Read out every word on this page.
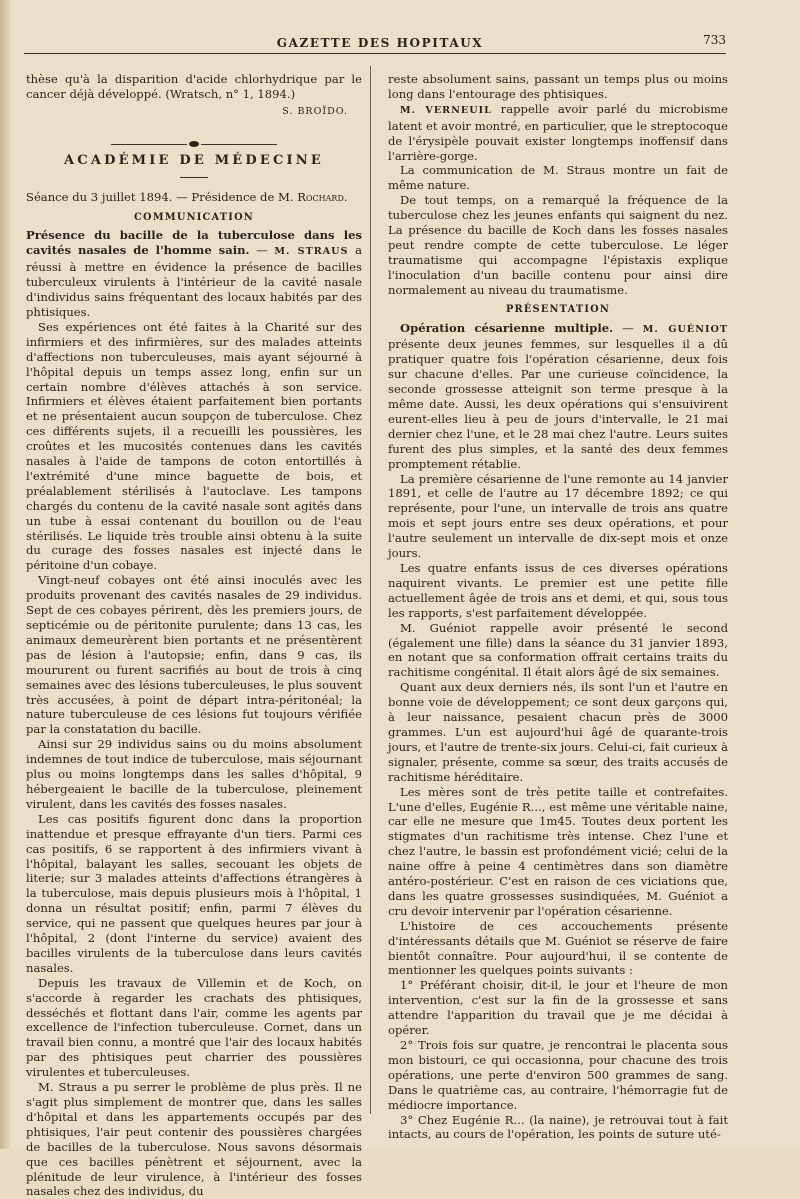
GAZETTE DES HOPITAUX	733

thèse qu'à la disparition d'acide chlorhydrique par le cancer déjà développé. (Wratsch, n° 1, 1894.)

S. BROÏDO.
ACADÉMIE DE MÉDECINE

Séance du 3 juillet 1894. — Présidence de M. Rochard.

COMMUNICATION

Présence du bacille de la tuberculose dans les cavités nasales de l'homme sain. — M. STRAUS a réussi à mettre en évidence la présence de bacilles tuberculeux virulents à l'intérieur de la cavité nasale d'individus sains fréquentant des locaux habités par des phtisiques.

Ses expériences ont été faites à la Charité sur des infirmiers et des infirmières, sur des malades atteints d'affections non tuberculeuses, mais ayant séjourné à l'hôpital depuis un temps assez long, enfin sur un certain nombre d'élèves attachés à son service. Infirmiers et élèves étaient parfaitement bien portants et ne présentaient aucun soupçon de tuberculose. Chez ces différents sujets, il a recueilli les poussières, les croûtes et les mucosités contenues dans les cavités nasales à l'aide de tampons de coton entortillés à l'extrémité d'une mince baguette de bois, et préalablement stérilisés à l'autoclave. Les tampons chargés du contenu de la cavité nasale sont agités dans un tube à essai contenant du bouillon ou de l'eau stérilisés. Le liquide très trouble ainsi obtenu à la suite du curage des fosses nasales est injecté dans le péritoine d'un cobaye.

Vingt-neuf cobayes ont été ainsi inoculés avec les produits provenant des cavités nasales de 29 individus. Sept de ces cobayes périrent, dès les premiers jours, de septicémie ou de péritonite purulente; dans 13 cas, les animaux demeurèrent bien portants et ne présentèrent pas de lésion à l'autopsie; enfin, dans 9 cas, ils moururent ou furent sacrifiés au bout de trois à cinq semaines avec des lésions tuberculeuses, le plus souvent très accusées, à point de départ intra-péritonéal; la nature tuberculeuse de ces lésions fut toujours vérifiée par la constatation du bacille.

Ainsi sur 29 individus sains ou du moins absolument indemnes de tout indice de tuberculose, mais séjournant plus ou moins longtemps dans les salles d'hôpital, 9 hébergeaient le bacille de la tuberculose, pleinement virulent, dans les cavités des fosses nasales.

Les cas positifs figurent donc dans la proportion inattendue et presque effrayante d'un tiers. Parmi ces cas positifs, 6 se rapportent à des infirmiers vivant à l'hôpital, balayant les salles, secouant les objets de literie; sur 3 malades atteints d'affections étrangères à la tuberculose, mais depuis plusieurs mois à l'hôpital, 1 donna un résultat positif; enfin, parmi 7 élèves du service, qui ne passent que quelques heures par jour à l'hôpital, 2 (dont l'interne du service) avaient des bacilles virulents de la tuberculose dans leurs cavités nasales.

Depuis les travaux de Villemin et de Koch, on s'accorde à regarder les crachats des phtisiques, desséchés et flottant dans l'air, comme les agents par excellence de l'infection tuberculeuse. Cornet, dans un travail bien connu, a montré que l'air des locaux habités par des phtisiques peut charrier des poussières virulentes et tuberculeuses.

M. Straus a pu serrer le problème de plus près. Il ne s'agit plus simplement de montrer que, dans les salles d'hôpital et dans les appartements occupés par des phtisiques, l'air peut contenir des poussières chargées de bacilles de la tuberculose. Nous savons désormais que ces bacilles pénètrent et séjournent, avec la plénitude de leur virulence, à l'intérieur des fosses nasales chez des individus, du

reste absolument sains, passant un temps plus ou moins long dans l'entourage des phtisiques.

M. VERNEUIL rappelle avoir parlé du microbisme latent et avoir montré, en particulier, que le streptocoque de l'érysipèle pouvait exister longtemps inoffensif dans l'arrière-gorge.

La communication de M. Straus montre un fait de même nature.

De tout temps, on a remarqué la fréquence de la tuberculose chez les jeunes enfants qui saignent du nez. La présence du bacille de Koch dans les fosses nasales peut rendre compte de cette tuberculose. Le léger traumatisme qui accompagne l'épistaxis explique l'inoculation d'un bacille contenu pour ainsi dire normalement au niveau du traumatisme.

PRÉSENTATION

Opération césarienne multiple. — M. GUÉNIOT présente deux jeunes femmes, sur lesquelles il a dû pratiquer quatre fois l'opération césarienne, deux fois sur chacune d'elles. Par une curieuse coïncidence, la seconde grossesse atteignit son terme presque à la même date. Aussi, les deux opérations qui s'ensuivirent eurent-elles lieu à peu de jours d'intervalle, le 21 mai dernier chez l'une, et le 28 mai chez l'autre. Leurs suites furent des plus simples, et la santé des deux femmes promptement rétablie.

La première césarienne de l'une remonte au 14 janvier 1891, et celle de l'autre au 17 décembre 1892; ce qui représente, pour l'une, un intervalle de trois ans quatre mois et sept jours entre ses deux opérations, et pour l'autre seulement un intervalle de dix-sept mois et onze jours.

Les quatre enfants issus de ces diverses opérations naquirent vivants. Le premier est une petite fille actuellement âgée de trois ans et demi, et qui, sous tous les rapports, s'est parfaitement développée.

M. Guéniot rappelle avoir présenté le second (également une fille) dans la séance du 31 janvier 1893, en notant que sa conformation offrait certains traits du rachitisme congénital. Il était alors âgé de six semaines.

Quant aux deux derniers nés, ils sont l'un et l'autre en bonne voie de développement; ce sont deux garçons qui, à leur naissance, pesaient chacun près de 3000 grammes. L'un est aujourd'hui âgé de quarante-trois jours, et l'autre de trente-six jours. Celui-ci, fait curieux à signaler, présente, comme sa sœur, des traits accusés de rachitisme héréditaire.

Les mères sont de très petite taille et contrefaites. L'une d'elles, Eugénie R..., est même une véritable naine, car elle ne mesure que 1m45. Toutes deux portent les stigmates d'un rachitisme très intense. Chez l'une et chez l'autre, le bassin est profondément vicié; celui de la naine offre à peine 4 centimètres dans son diamètre antéro-postérieur. C'est en raison de ces viciations que, dans les quatre grossesses susindiquées, M. Guéniot a cru devoir intervenir par l'opération césarienne.

L'histoire de ces accouchements présente d'intéressants détails que M. Guéniot se réserve de faire bientôt connaître. Pour aujourd'hui, il se contente de mentionner les quelques points suivants :

1° Préférant choisir, dit-il, le jour et l'heure de mon intervention, c'est sur la fin de la grossesse et sans attendre l'apparition du travail que je me décidai à opérer.

2° Trois fois sur quatre, je rencontrai le placenta sous mon bistouri, ce qui occasionna, pour chacune des trois opérations, une perte d'environ 500 grammes de sang. Dans le quatrième cas, au contraire, l'hémorragie fut de médiocre importance.

3° Chez Eugénie R... (la naine), je retrouvai tout à fait intacts, au cours de l'opération, les points de suture uté-
